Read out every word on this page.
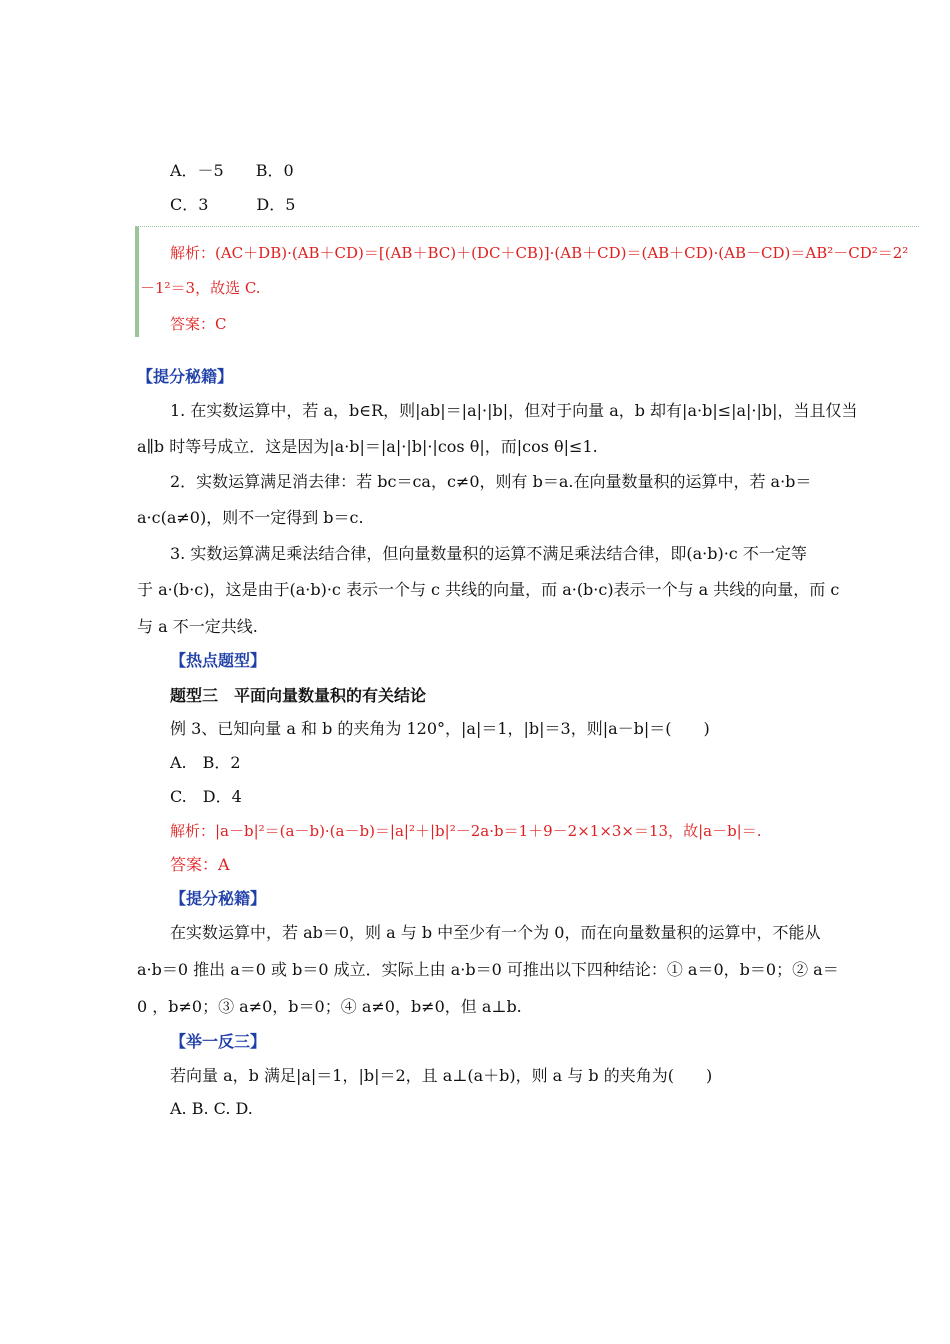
A．－5　　B．0
C．3　　　D．5
解析：(AC＋DB)·(AB＋CD)＝[(AB＋BC)＋(DC＋CB)]·(AB＋CD)＝(AB＋CD)·(AB－CD)＝AB²－CD²＝2²
－1²＝3，故选 C.
答案：C
【提分秘籍】
1. 在实数运算中，若 a，b∈R，则|ab|＝|a|·|b|，但对于向量 a，b 却有|a·b|≤|a|·|b|，当且仅当
a∥b 时等号成立．这是因为|a·b|＝|a|·|b|·|cos θ|，而|cos θ|≤1.
2．实数运算满足消去律：若 bc＝ca，c≠0，则有 b＝a.在向量数量积的运算中，若 a·b＝
a·c(a≠0)，则不一定得到 b＝c.
3. 实数运算满足乘法结合律，但向量数量积的运算不满足乘法结合律，即(a·b)·c 不一定等
于 a·(b·c)，这是由于(a·b)·c 表示一个与 c 共线的向量，而 a·(b·c)表示一个与 a 共线的向量，而 c
与 a 不一定共线.
【热点题型】
题型三　平面向量数量积的有关结论
例 3、已知向量 a 和 b 的夹角为 120°，|a|＝1，|b|＝3，则|a－b|＝(　　)
A.　B．2
C.　D．4
解析：|a－b|²＝(a－b)·(a－b)＝|a|²＋|b|²－2a·b＝1＋9－2×1×3×＝13，故|a－b|＝.
答案：A
【提分秘籍】
在实数运算中，若 ab＝0，则 a 与 b 中至少有一个为 0，而在向量数量积的运算中，不能从
a·b＝0 推出 a＝0 或 b＝0 成立．实际上由 a·b＝0 可推出以下四种结论：① a＝0，b＝0；② a＝
0 ，b≠0；③ a≠0，b＝0；④ a≠0，b≠0，但 a⊥b.
【举一反三】
若向量 a，b 满足|a|＝1，|b|＝2，且 a⊥(a＋b)，则 a 与 b 的夹角为(　　)
A. B. C. D.
